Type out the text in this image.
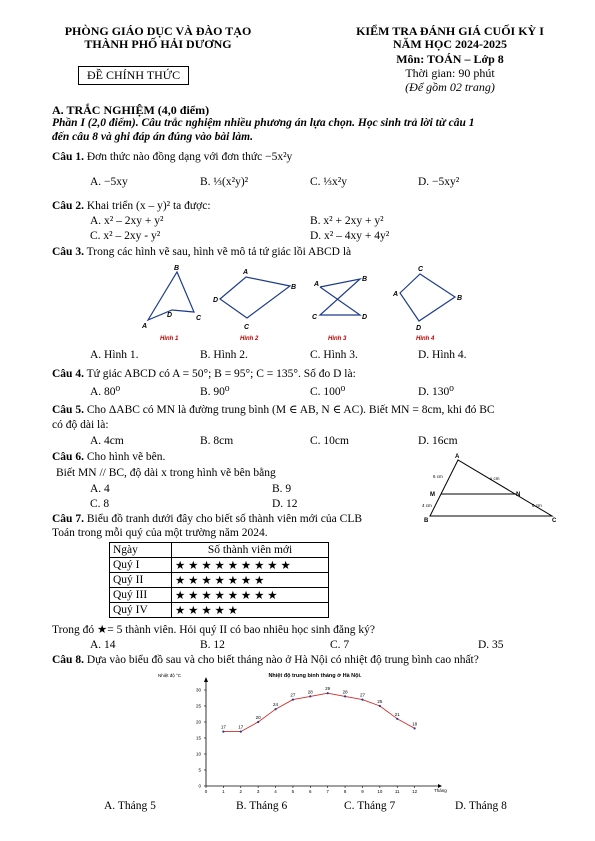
PHÒNG GIÁO DỤC VÀ ĐÀO TẠO
THÀNH PHỐ HẢI DƯƠNG
ĐỀ CHÍNH THỨC
KIỂM TRA ĐÁNH GIÁ CUỐI KỲ I
NĂM HỌC 2024-2025
Môn: TOÁN – Lớp 8
Thời gian: 90 phút
(Để gồm 02 trang)
A. TRẮC NGHIỆM (4,0 điểm)
Phần I (2,0 điểm). Câu trắc nghiệm nhiều phương án lựa chọn. Học sinh trả lời từ câu 1
đến câu 8 và ghi đáp án đúng vào bài làm.
Câu 1. Đơn thức nào đồng dạng với đơn thức −5x²y
A. −5xy	B. ⅓(x²y)²	C. ⅓x²y	D. −5xy²
Câu 2. Khai triển (x – y)² ta được:
A. x² – 2xy + y²	B. x² + 2xy + y²
C. x² – 2xy - y²	D. x² – 4xy + 4y²
Câu 3. Trong các hình vẽ sau, hình vẽ mô tả tứ giác lồi ABCD là
A
B
C
D
Hình 1
A
B
C
D
Hình 2
A
B
C	D
Hình 3
A
B
C
D
Hình 4
A. Hình 1.	B. Hình 2.	C. Hình 3.	D. Hình 4.
Câu 4. Tứ giác ABCD có A = 50°; B = 95°; C = 135°. Số đo D là:
A. 80⁰	B. 90⁰	C. 100⁰	D. 130⁰
Câu 5. Cho ΔABC có MN là đường trung bình (M ∈ AB, N ∈ AC). Biết MN = 8cm, khi đó BC
có độ dài là:
A. 4cm	B. 8cm	C. 10cm	D. 16cm
Câu 6. Cho hình vẽ bên.
Biết MN // BC, độ dài x trong hình vẽ bên bằng
A. 4	B. 9
C. 8	D. 12
A
B	C
M	N
6 cm
4 cm
x cm
6 cm
Câu 7. Biểu đồ tranh dưới đây cho biết số thành viên mới của CLB
Toán trong mỗi quý của một trường năm 2024.
Ngày	Số thành viên mới
Quý I	★ ★ ★ ★ ★ ★ ★ ★ ★
Quý II	★ ★ ★ ★ ★ ★ ★
Quý III	★ ★ ★ ★ ★ ★ ★ ★
Quý IV	★ ★ ★ ★ ★
Trong đó ★= 5 thành viên. Hỏi quý II có bao nhiêu học sinh đăng ký?
A. 14	B. 12	C. 7	D. 35
Câu 8. Dựa vào biểu đồ sau và cho biết tháng nào ở Hà Nội có nhiệt độ trung bình cao nhất?
Nhiệt độ trung bình tháng ở Hà Nội.
Nhiệt độ °C
Tháng
0
5
10
15
20
25
30
0	1	2	3	4	5	6	7	8	9	10	11	12
17	17
20
24
27
28
29
28
27
25
21
18
A. Tháng 5	B. Tháng 6	C. Tháng 7	D. Tháng 8
